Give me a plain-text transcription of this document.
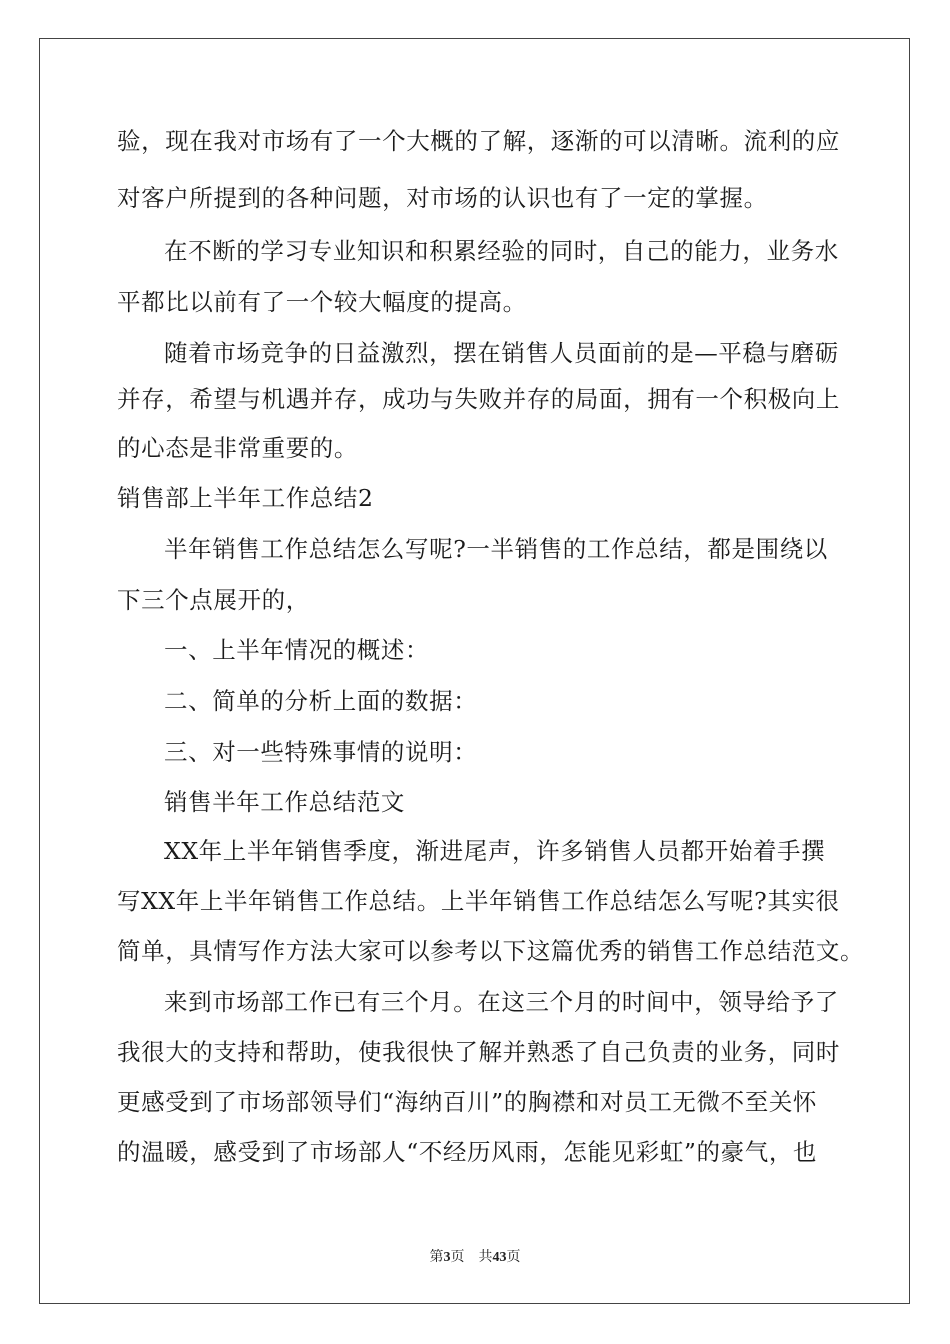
验，现在我对市场有了一个大概的了解，逐渐的可以清晰。流利的应
对客户所提到的各种问题，对市场的认识也有了一定的掌握。
在不断的学习专业知识和积累经验的同时，自己的能力，业务水
平都比以前有了一个较大幅度的提高。
随着市场竞争的日益激烈，摆在销售人员面前的是—平稳与磨砺
并存，希望与机遇并存，成功与失败并存的局面，拥有一个积极向上
的心态是非常重要的。
销售部上半年工作总结2
半年销售工作总结怎么写呢?一半销售的工作总结，都是围绕以
下三个点展开的，
一、上半年情况的概述：
二、简单的分析上面的数据：
三、对一些特殊事情的说明：
销售半年工作总结范文
XX年上半年销售季度，渐进尾声，许多销售人员都开始着手撰
写XX年上半年销售工作总结。上半年销售工作总结怎么写呢?其实很
简单，具情写作方法大家可以参考以下这篇优秀的销售工作总结范文。
来到市场部工作已有三个月。在这三个月的时间中，领导给予了
我很大的支持和帮助，使我很快了解并熟悉了自己负责的业务，同时
更感受到了市场部领导们“海纳百川”的胸襟和对员工无微不至关怀
的温暖，感受到了市场部人“不经历风雨，怎能见彩虹”的豪气，也
第3页　共43页
